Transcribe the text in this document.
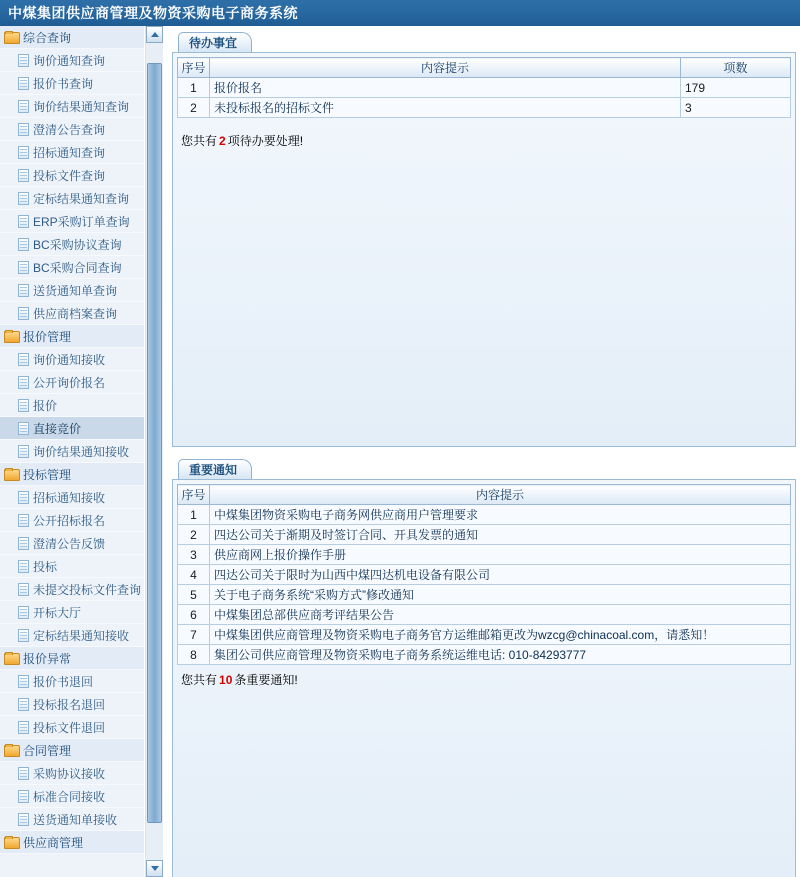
中煤集团供应商管理及物资采购电子商务系统
综合查询
询价通知查询
报价书查询
询价结果通知查询
澄清公告查询
招标通知查询
投标文件查询
定标结果通知查询
ERP采购订单查询
BC采购协议查询
BC采购合同查询
送货通知单查询
供应商档案查询
报价管理
询价通知接收
公开询价报名
报价
直接竞价
询价结果通知接收
投标管理
招标通知接收
公开招标报名
澄清公告反馈
投标
未提交投标文件查询
开标大厅
定标结果通知接收
报价异常
报价书退回
投标报名退回
投标文件退回
合同管理
采购协议接收
标准合同接收
送货通知单接收
供应商管理
待办事宜
序号	内容提示	项数
1	报价报名	179
2	未投标报名的招标文件	3
您共有 2 项待办要处理!
重要通知
序号	内容提示
1	中煤集团物资采购电子商务网供应商用户管理要求
2	四达公司关于渐期及时签订合同、开具发票的通知
3	供应商网上报价操作手册
4	四达公司关于限时为山西中煤四达机电设备有限公司
5	关于电子商务系统“采购方式”修改通知
6	中煤集团总部供应商考评结果公告
7	中煤集团供应商管理及物资采购电子商务官方运维邮箱更改为wzcg@chinacoal.com，请悉知！
8	集团公司供应商管理及物资采购电子商务系统运维电话: 010-84293777
您共有 10 条重要通知!
